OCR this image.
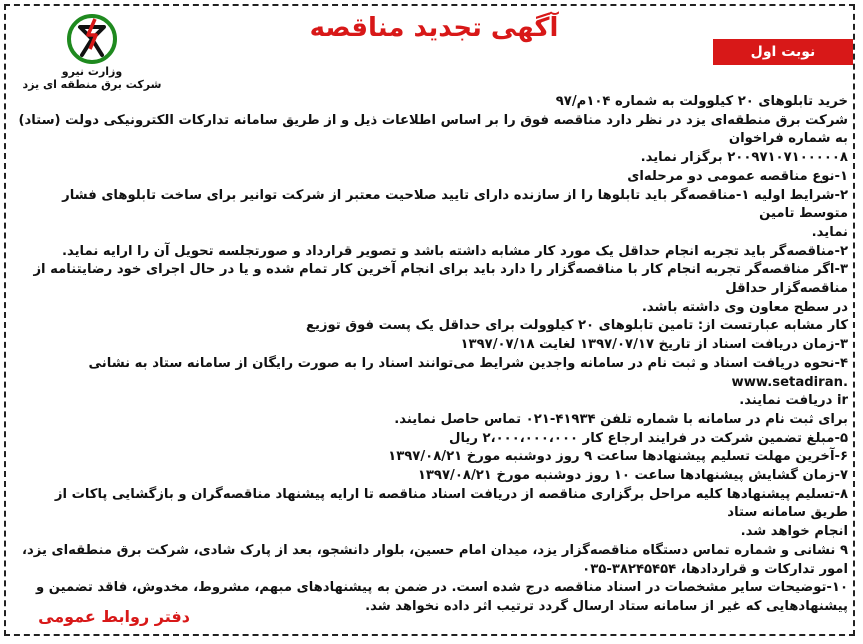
آگهی تجدید مناقصه
نوبت اول
وزارت نیرو
شرکت برق منطقه ای یزد

خرید تابلوهای ۲۰ کیلوولت به شماره ۱۰۴م/۹۷

شرکت برق منطقه‌ای یزد در نظر دارد مناقصه فوق را بر اساس اطلاعات ذیل و از طریق سامانه تدارکات الکترونیکی دولت (ستاد) به شماره فراخوان

۲۰۰۹۷۱۰۷۱۰۰۰۰۰۸ برگزار نماید.

۱-نوع مناقصه عمومی دو مرحله‌ای

۲-شرایط اولیه ۱-مناقصه‌گر باید تابلوها را از سازنده دارای تایید صلاحیت معتبر از شرکت توانیر برای ساخت تابلوهای فشار متوسط تامین

نماید.

۲-مناقصه‌گر باید تجربه انجام حداقل یک مورد کار مشابه داشته باشد و تصویر قرارداد و صورتجلسه تحویل آن را ارایه نماید.

۳-اگر مناقصه‌گر تجربه انجام کار با مناقصه‌گزار را دارد باید برای انجام آخرین کار تمام شده و یا در حال اجرای خود رضایتنامه از مناقصه‌گزار حداقل

در سطح معاون وی داشته باشد.

کار مشابه عبارتست از: تامین تابلوهای ۲۰ کیلوولت برای حداقل یک پست فوق توزیع

۳-زمان دریافت اسناد از تاریخ ۱۳۹۷/۰۷/۱۷ لغایت ۱۳۹۷/۰۷/۱۸

۴-نحوه دریافت اسناد و ثبت نام در سامانه واجدین شرایط می‌توانند اسناد را به صورت رایگان از سامانه ستاد به نشانی .www.setadiran

ir دریافت نمایند.

برای ثبت نام در سامانه با شماره تلفن ۴۱۹۳۴-۰۲۱ تماس حاصل نمایند.

۵-مبلغ تضمین شرکت در فرایند ارجاع کار ۲،۰۰۰،۰۰۰،۰۰۰ ریال

۶-آخرین مهلت تسلیم پیشنهادها ساعت ۹ روز دوشنبه مورخ ۱۳۹۷/۰۸/۲۱

۷-زمان گشایش پیشنهادها ساعت ۱۰ روز دوشنبه مورخ ۱۳۹۷/۰۸/۲۱

۸-تسلیم پیشنهادها کلیه مراحل برگزاری مناقصه از دریافت اسناد مناقصه تا ارایه پیشنهاد مناقصه‌گران و بازگشایی پاکات از طریق سامانه ستاد

انجام خواهد شد.

۹ نشانی و شماره تماس دستگاه مناقصه‌گزار یزد، میدان امام حسین، بلوار دانشجو، بعد از پارک شادی، شرکت برق منطقه‌ای یزد،

امور تدارکات و قراردادها، ۳۸۲۴۵۴۵۴-۰۳۵

۱۰-توضیحات سایر مشخصات در اسناد مناقصه درج شده است. در ضمن به پیشنهادهای مبهم، مشروط، مخدوش، فاقد تضمین و

پیشنهادهایی که غیر از سامانه ستاد ارسال گردد ترتیب اثر داده نخواهد شد.

دفتر روابط عمومی
